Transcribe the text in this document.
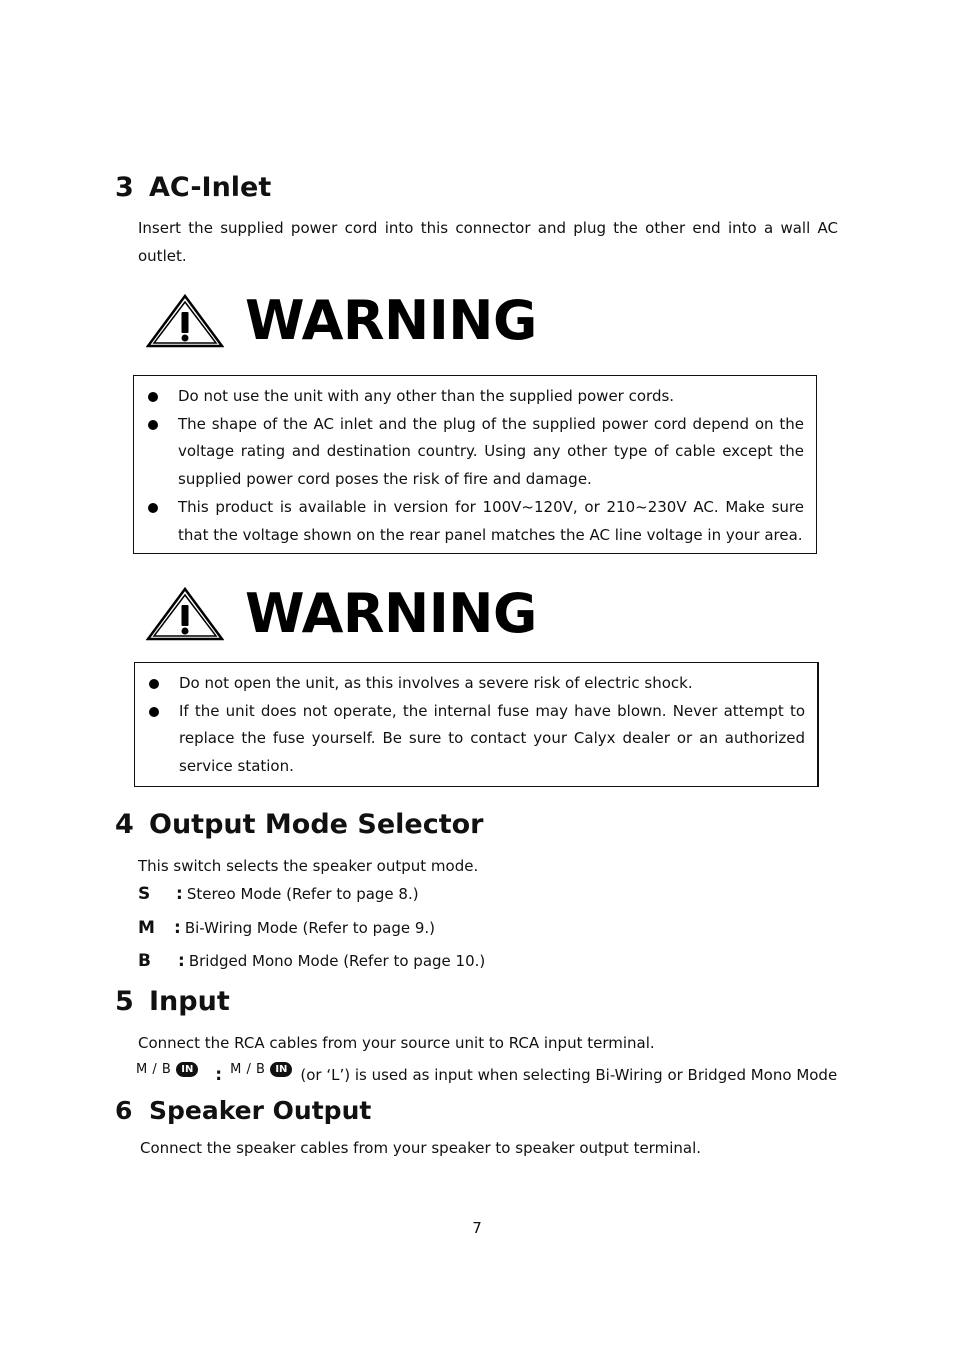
3 AC-Inlet
Insert the supplied power cord into this connector and plug the other end into a wall AC outlet.
WARNING
Do not use the unit with any other than the supplied power cords.
The shape of the AC inlet and the plug of the supplied power cord depend on the voltage rating and destination country. Using any other type of cable except the supplied power cord poses the risk of fire and damage.
This product is available in version for 100V~120V, or 210~230V AC. Make sure that the voltage shown on the rear panel matches the AC line voltage in your area.
WARNING
Do not open the unit, as this involves a severe risk of electric shock.
If the unit does not operate, the internal fuse may have blown. Never attempt to replace the fuse yourself. Be sure to contact your Calyx dealer or an authorized service station.
4 Output Mode Selector
This switch selects the speaker output mode.
S : Stereo Mode (Refer to page 8.)
M : Bi-Wiring Mode (Refer to page 9.)
B : Bridged Mono Mode (Refer to page 10.)
5 Input
Connect the RCA cables from your source unit to RCA input terminal.
M / B IN : M / B IN (or ‘L’) is used as input when selecting Bi-Wiring or Bridged Mono Mode
6 Speaker Output
Connect the speaker cables from your speaker to speaker output terminal.
7
